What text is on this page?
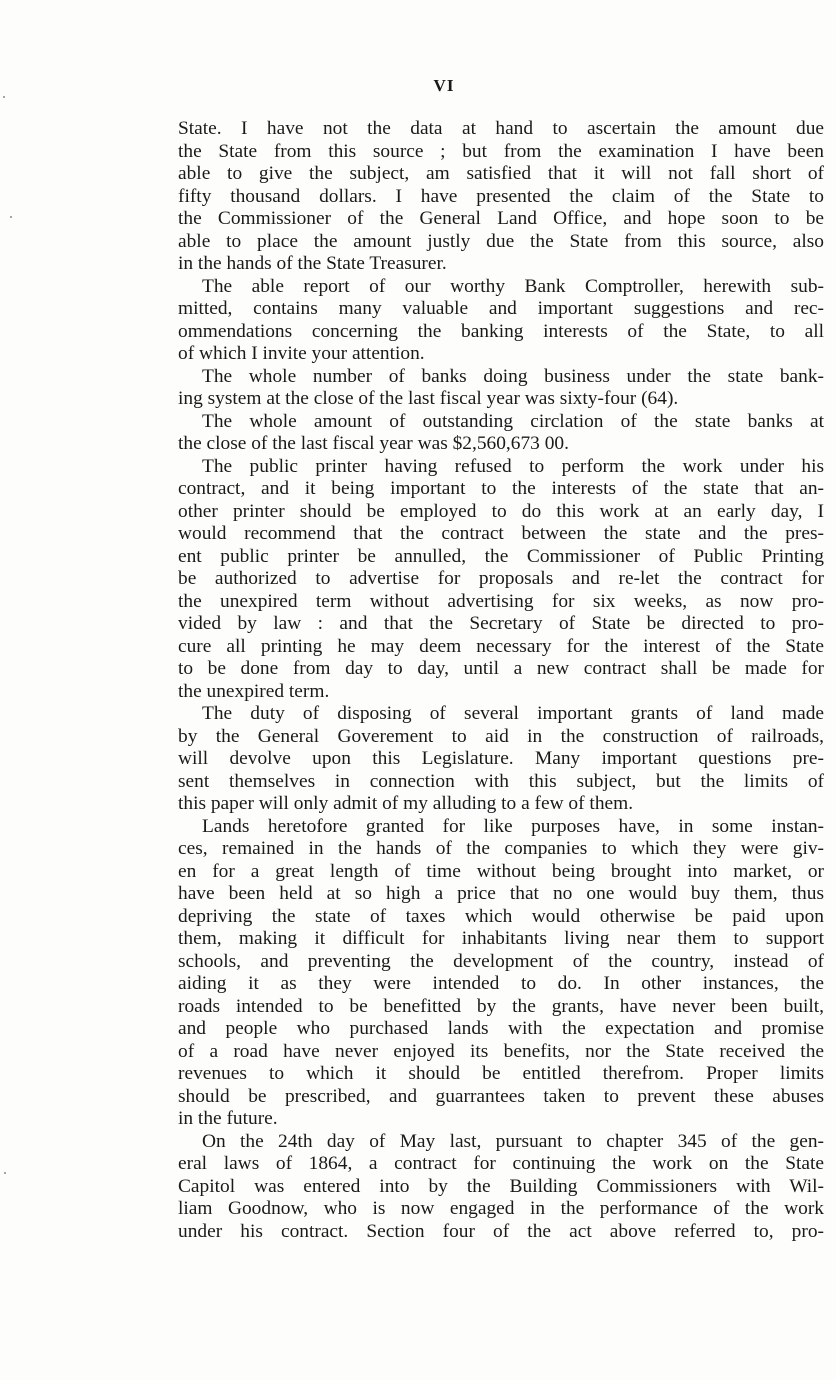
VI
State. I have not the data at hand to ascertain the amount due
the State from this source ; but from the examination I have been
able to give the subject, am satisfied that it will not fall short of
fifty thousand dollars. I have presented the claim of the State to
the Commissioner of the General Land Office, and hope soon to be
able to place the amount justly due the State from this source, also
in the hands of the State Treasurer.
The able report of our worthy Bank Comptroller, herewith sub-
mitted, contains many valuable and important suggestions and rec-
ommendations concerning the banking interests of the State, to all
of which I invite your attention.
The whole number of banks doing business under the state bank-
ing system at the close of the last fiscal year was sixty-four (64).
The whole amount of outstanding circlation of the state banks at
the close of the last fiscal year was $2,560,673 00.
The public printer having refused to perform the work under his
contract, and it being important to the interests of the state that an-
other printer should be employed to do this work at an early day, I
would recommend that the contract between the state and the pres-
ent public printer be annulled, the Commissioner of Public Printing
be authorized to advertise for proposals and re-let the contract for
the unexpired term without advertising for six weeks, as now pro-
vided by law : and that the Secretary of State be directed to pro-
cure all printing he may deem necessary for the interest of the State
to be done from day to day, until a new contract shall be made for
the unexpired term.
The duty of disposing of several important grants of land made
by the General Goverement to aid in the construction of railroads,
will devolve upon this Legislature. Many important questions pre-
sent themselves in connection with this subject, but the limits of
this paper will only admit of my alluding to a few of them.
Lands heretofore granted for like purposes have, in some instan-
ces, remained in the hands of the companies to which they were giv-
en for a great length of time without being brought into market, or
have been held at so high a price that no one would buy them, thus
depriving the state of taxes which would otherwise be paid upon
them, making it difficult for inhabitants living near them to support
schools, and preventing the development of the country, instead of
aiding it as they were intended to do. In other instances, the
roads intended to be benefitted by the grants, have never been built,
and people who purchased lands with the expectation and promise
of a road have never enjoyed its benefits, nor the State received the
revenues to which it should be entitled therefrom. Proper limits
should be prescribed, and guarrantees taken to prevent these abuses
in the future.
On the 24th day of May last, pursuant to chapter 345 of the gen-
eral laws of 1864, a contract for continuing the work on the State
Capitol was entered into by the Building Commissioners with Wil-
liam Goodnow, who is now engaged in the performance of the work
under his contract. Section four of the act above referred to, pro-
